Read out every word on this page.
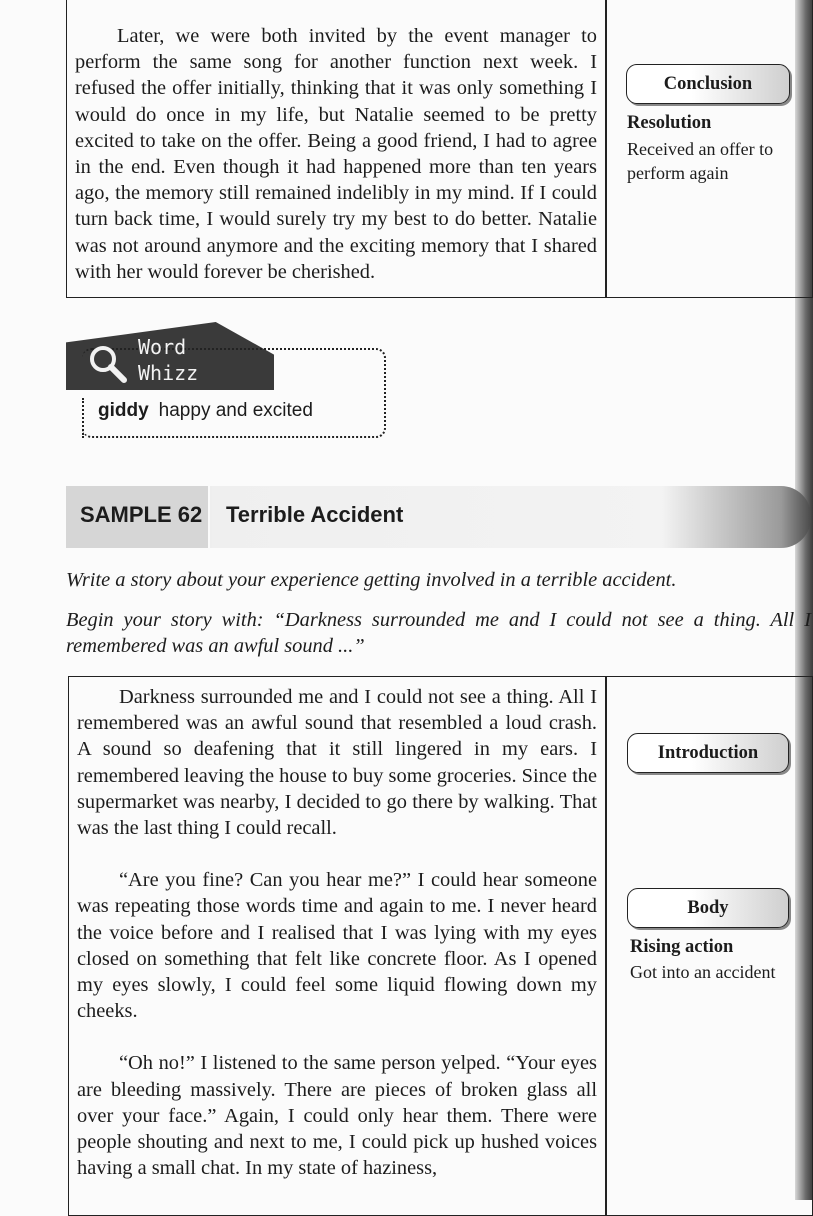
Later, we were both invited by the event manager to perform the same song for another function next week. I refused the offer initially, thinking that it was only something I would do once in my life, but Natalie seemed to be pretty excited to take on the offer. Being a good friend, I had to agree in the end. Even though it had happened more than ten years ago, the memory still remained indelibly in my mind. If I could turn back time, I would surely try my best to do better. Natalie was not around anymore and the exciting memory that I shared with her would forever be cherished.

Conclusion
Resolution
Received an offer to perform again
Word
Whizz
giddy happy and excited
SAMPLE 62 Terrible Accident
Write a story about your experience getting involved in a terrible accident.
Begin your story with: “Darkness surrounded me and I could not see a thing. All I remembered was an awful sound ...”

Darkness surrounded me and I could not see a thing. All I remembered was an awful sound that resembled a loud crash. A sound so deafening that it still lingered in my ears. I remembered leaving the house to buy some groceries. Since the supermarket was nearby, I decided to go there by walking. That was the last thing I could recall.

“Are you fine? Can you hear me?” I could hear someone was repeating those words time and again to me. I never heard the voice before and I realised that I was lying with my eyes closed on something that felt like concrete floor. As I opened my eyes slowly, I could feel some liquid flowing down my cheeks.

“Oh no!” I listened to the same person yelped. “Your eyes are bleeding massively. There are pieces of broken glass all over your face.” Again, I could only hear them. There were people shouting and next to me, I could pick up hushed voices having a small chat. In my state of haziness,

Introduction
Body
Rising action
Got into an accident
